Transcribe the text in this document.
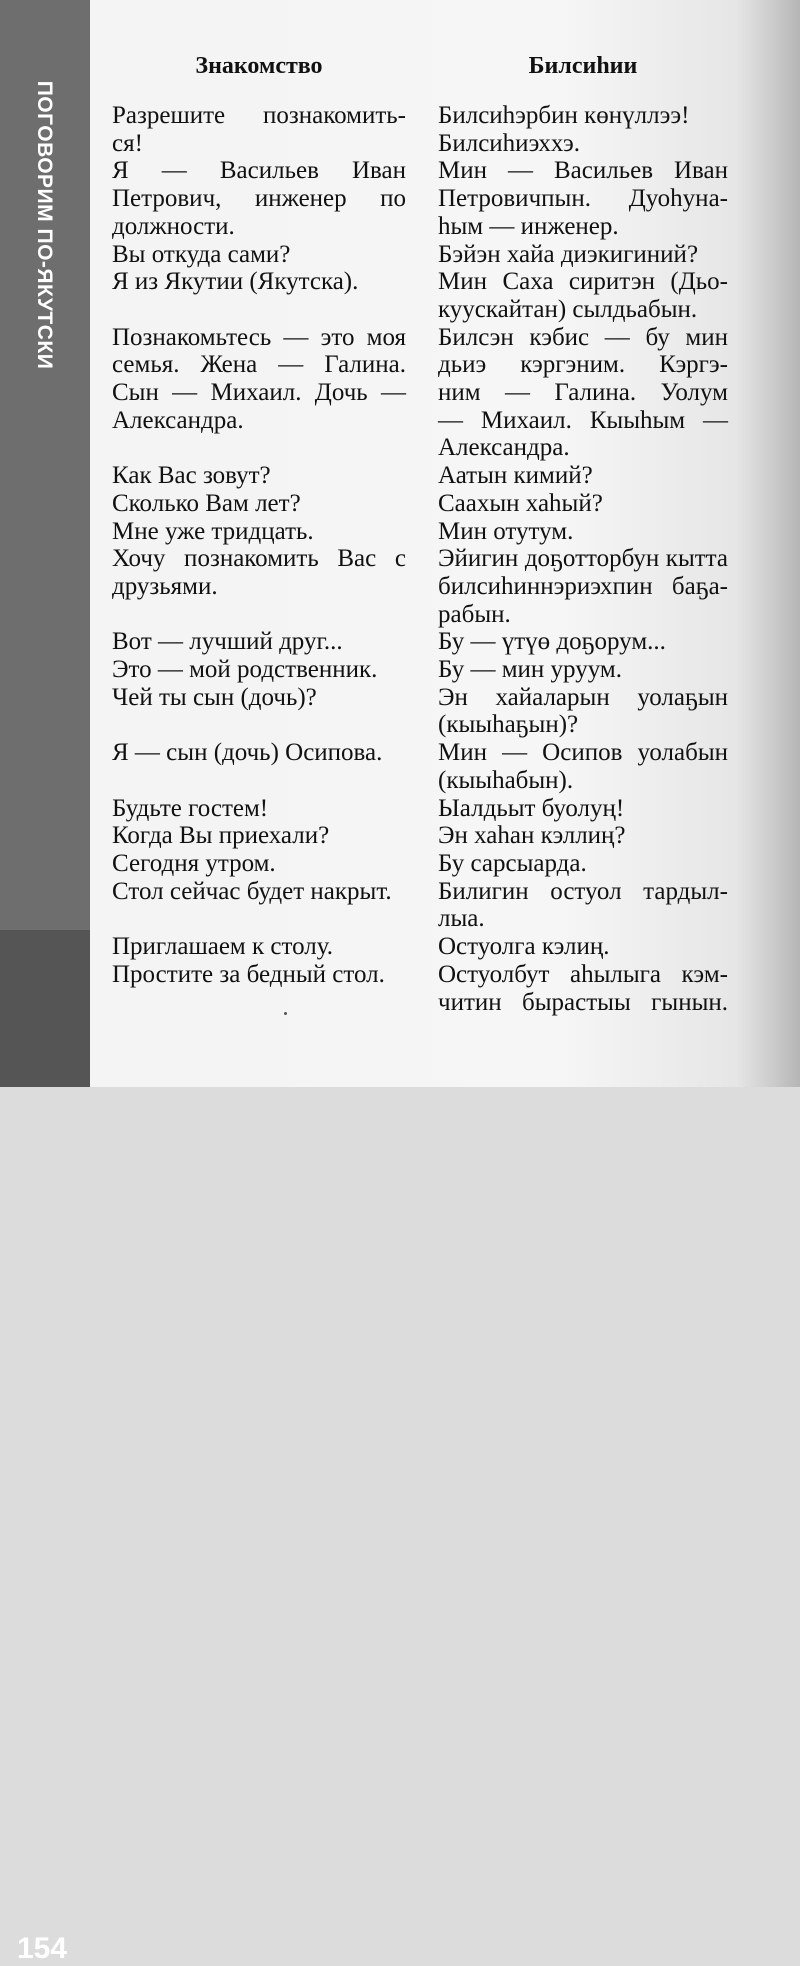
ПОГОВОРИМ ПО-ЯКУТСКИ
154
Знакомство
Разрешите познакомить-
ся!
Я — Васильев Иван
Петрович, инженер по
должности.
Вы откуда сами?
Я из Якутии (Якутска).
Познакомьтесь — это моя
семья. Жена — Галина.
Сын — Михаил. Дочь —
Александра.
Как Вас зовут?
Сколько Вам лет?
Мне уже тридцать.
Хочу познакомить Вас с
друзьями.
Вот — лучший друг...
Это — мой родственник.
Чей ты сын (дочь)?
Я — сын (дочь) Осипова.
Будьте гостем!
Когда Вы приехали?
Сегодня утром.
Стол сейчас будет накрыт.
Приглашаем к столу.
Простите за бедный стол.
Билсиhии
Билсиhэрбин көнүллээ!
Билсиhиэххэ.
Мин — Васильев Иван
Петровичпын. Дуоhуна-
hым — инженер.
Бэйэн хайа диэкигиний?
Мин Саха сиритэн (Дьо-
куускайтан) сылдьабын.
Билсэн кэбис — бу мин
дьиэ кэргэним. Кэргэ-
ним — Галина. Уолум
— Михаил. Кыыhым —
Александра.
Аатын кимий?
Саахын хаhый?
Мин отутум.
Эйигин доҕотторбун кытта
билсиhиннэриэхпин баҕа-
рабын.
Бу — үтүө доҕорум...
Бу — мин уруум.
Эн хайаларын уолаҕын
(кыыhаҕын)?
Мин — Осипов уолабын
(кыыhабын).
Ыалдьыт буолуң!
Эн хаhан кэллиң?
Бу сарсыарда.
Билигин остуол тардыл-
лыа.
Остуолга кэлиң.
Остуолбут аhылыга кэм-
читин бырастыы гынын.
